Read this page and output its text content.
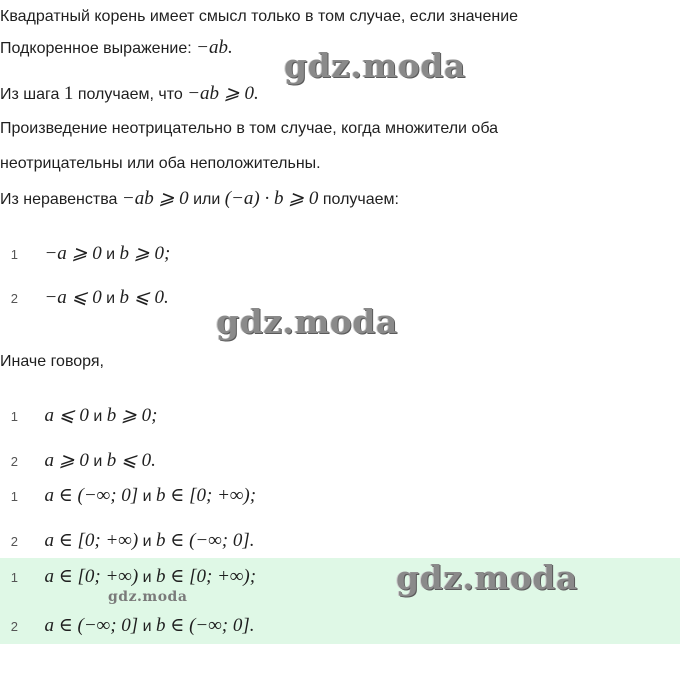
Квадратный корень имеет смысл только в том случае, если значение
Подкоренное выражение: −ab.
Из шага 1 получаем, что −ab ⩾ 0.
Произведение неотрицательно в том случае, когда множители оба
неотрицательны или оба неположительны.
Из неравенства −ab ⩾ 0 или (−a) · b ⩾ 0 получаем:
1 −a ⩾ 0 и b ⩾ 0;
2 −a ⩽ 0 и b ⩽ 0.
Иначе говоря,
1 a ⩽ 0 и b ⩾ 0;
2 a ⩾ 0 и b ⩽ 0.
1 a ∈ (−∞; 0] и b ∈ [0; +∞);
2 a ∈ [0; +∞) и b ∈ (−∞; 0].
1 a ∈ [0; +∞) и b ∈ [0; +∞);
2 a ∈ (−∞; 0] и b ∈ (−∞; 0].
gdz.moda
gdz.moda
gdz.moda
gdz.moda
